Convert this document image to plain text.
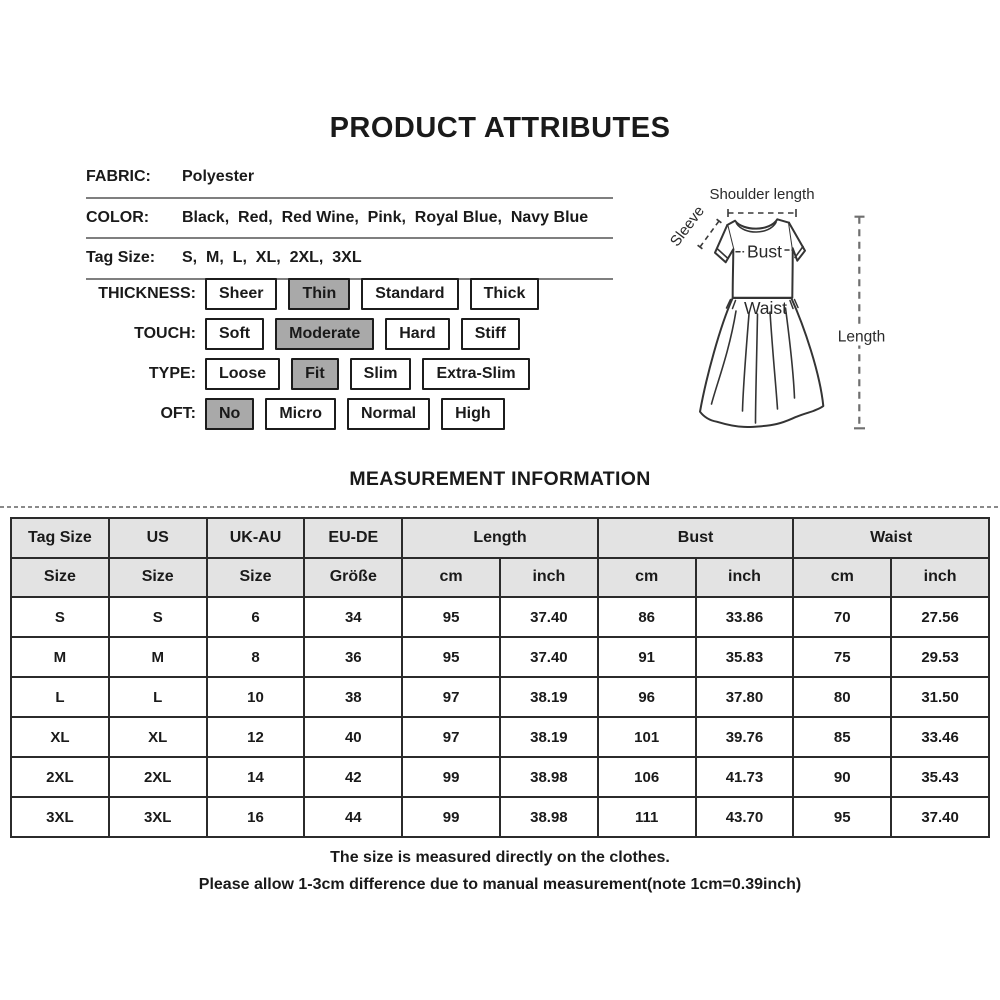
PRODUCT ATTRIBUTES
FABRIC:	Polyester
COLOR:	Black,  Red,  Red Wine,  Pink,  Royal Blue,  Navy Blue
Tag Size:	S,  M,  L,  XL,  2XL,  3XL
THICKNESS:	Sheer	Thin	Standard	Thick
TOUCH:	Soft	Moderate	Hard	Stiff
TYPE:	Loose	Fit	Slim	Extra-Slim
OFT:	No	Micro	Normal	High
Shoulder length
Sleeve
Bust
Waist
Length
MEASUREMENT INFORMATION
Tag Size	US	UK-AU	EU-DE	Length		Bust		Waist	
Size	Size	Size	Größe	cm	inch	cm	inch	cm	inch
S	S	6	34	95	37.40	86	33.86	70	27.56
M	M	8	36	95	37.40	91	35.83	75	29.53
L	L	10	38	97	38.19	96	37.80	80	31.50
XL	XL	12	40	97	38.19	101	39.76	85	33.46
2XL	2XL	14	42	99	38.98	106	41.73	90	35.43
3XL	3XL	16	44	99	38.98	111	43.70	95	37.40
The size is measured directly on the clothes.
Please allow 1-3cm difference due to manual measurement(note 1cm=0.39inch)
